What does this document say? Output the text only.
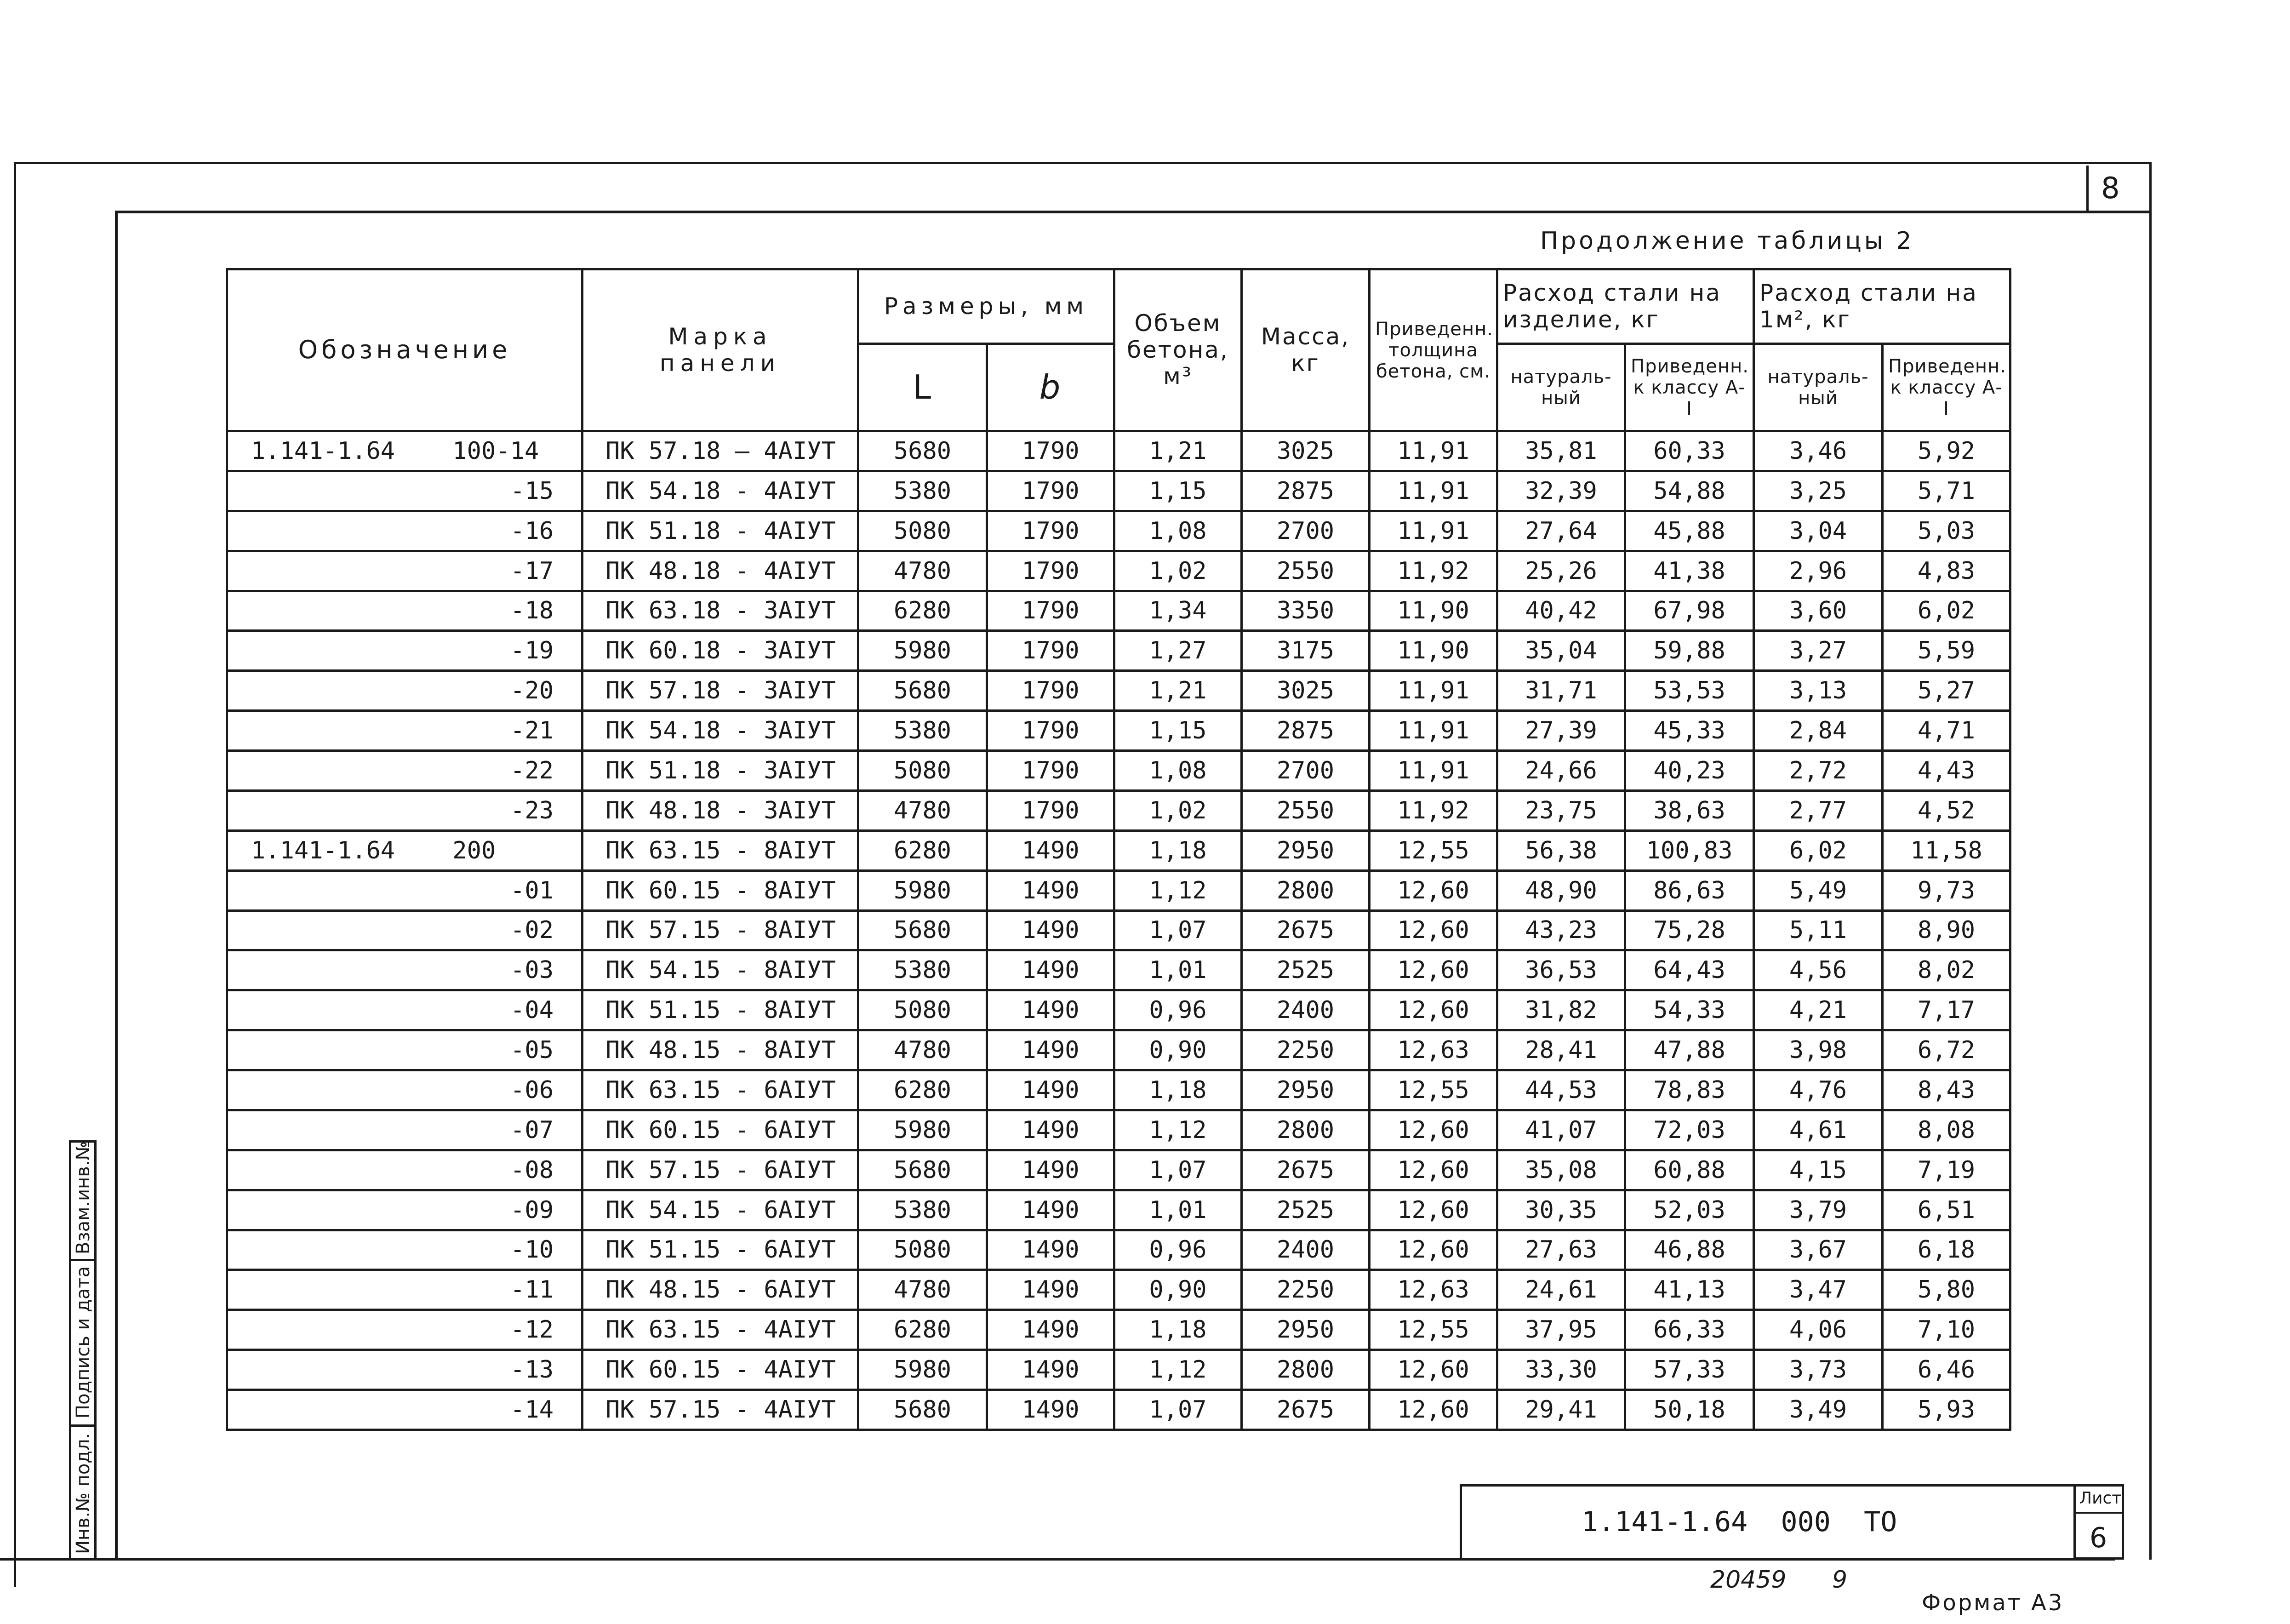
8
Продолжение таблицы 2
Обозначение	Марка панели	Размеры, мм		Объем бетона, м³	Масса, кг	Приведенн. толщина бетона, см.	Расход стали на изделие, кг		Расход стали на 1м², кг	
		L	b				натураль-ный	Приведенн. к классу А-I	натураль-ный	Приведенн. к классу А-I
1.141-1.64    100-14	ПК 57.18 – 4АIУТ	5680	1790	1,21	3025	11,91	35,81	60,33	3,46	5,92
-15	ПК 54.18 - 4АIУТ	5380	1790	1,15	2875	11,91	32,39	54,88	3,25	5,71
-16	ПК 51.18 - 4АIУТ	5080	1790	1,08	2700	11,91	27,64	45,88	3,04	5,03
-17	ПК 48.18 - 4АIУТ	4780	1790	1,02	2550	11,92	25,26	41,38	2,96	4,83
-18	ПК 63.18 - 3АIУТ	6280	1790	1,34	3350	11,90	40,42	67,98	3,60	6,02
-19	ПК 60.18 - 3АIУТ	5980	1790	1,27	3175	11,90	35,04	59,88	3,27	5,59
-20	ПК 57.18 - 3АIУТ	5680	1790	1,21	3025	11,91	31,71	53,53	3,13	5,27
-21	ПК 54.18 - 3АIУТ	5380	1790	1,15	2875	11,91	27,39	45,33	2,84	4,71
-22	ПК 51.18 - 3АIУТ	5080	1790	1,08	2700	11,91	24,66	40,23	2,72	4,43
-23	ПК 48.18 - 3АIУТ	4780	1790	1,02	2550	11,92	23,75	38,63	2,77	4,52
1.141-1.64    200	ПК 63.15 - 8АIУТ	6280	1490	1,18	2950	12,55	56,38	100,83	6,02	11,58
-01	ПК 60.15 - 8АIУТ	5980	1490	1,12	2800	12,60	48,90	86,63	5,49	9,73
-02	ПК 57.15 - 8АIУТ	5680	1490	1,07	2675	12,60	43,23	75,28	5,11	8,90
-03	ПК 54.15 - 8АIУТ	5380	1490	1,01	2525	12,60	36,53	64,43	4,56	8,02
-04	ПК 51.15 - 8АIУТ	5080	1490	0,96	2400	12,60	31,82	54,33	4,21	7,17
-05	ПК 48.15 - 8АIУТ	4780	1490	0,90	2250	12,63	28,41	47,88	3,98	6,72
-06	ПК 63.15 - 6АIУТ	6280	1490	1,18	2950	12,55	44,53	78,83	4,76	8,43
-07	ПК 60.15 - 6АIУТ	5980	1490	1,12	2800	12,60	41,07	72,03	4,61	8,08
-08	ПК 57.15 - 6АIУТ	5680	1490	1,07	2675	12,60	35,08	60,88	4,15	7,19
-09	ПК 54.15 - 6АIУТ	5380	1490	1,01	2525	12,60	30,35	52,03	3,79	6,51
-10	ПК 51.15 - 6АIУТ	5080	1490	0,96	2400	12,60	27,63	46,88	3,67	6,18
-11	ПК 48.15 - 6АIУТ	4780	1490	0,90	2250	12,63	24,61	41,13	3,47	5,80
-12	ПК 63.15 - 4АIУТ	6280	1490	1,18	2950	12,55	37,95	66,33	4,06	7,10
-13	ПК 60.15 - 4АIУТ	5980	1490	1,12	2800	12,60	33,30	57,33	3,73	6,46
-14	ПК 57.15 - 4АIУТ	5680	1490	1,07	2675	12,60	29,41	50,18	3,49	5,93
1.141-1.64  000  ТО
Лист
6
Инв.№ подл.
Подпись и дата
Взам.инв.№
20459 9
Формат А3
